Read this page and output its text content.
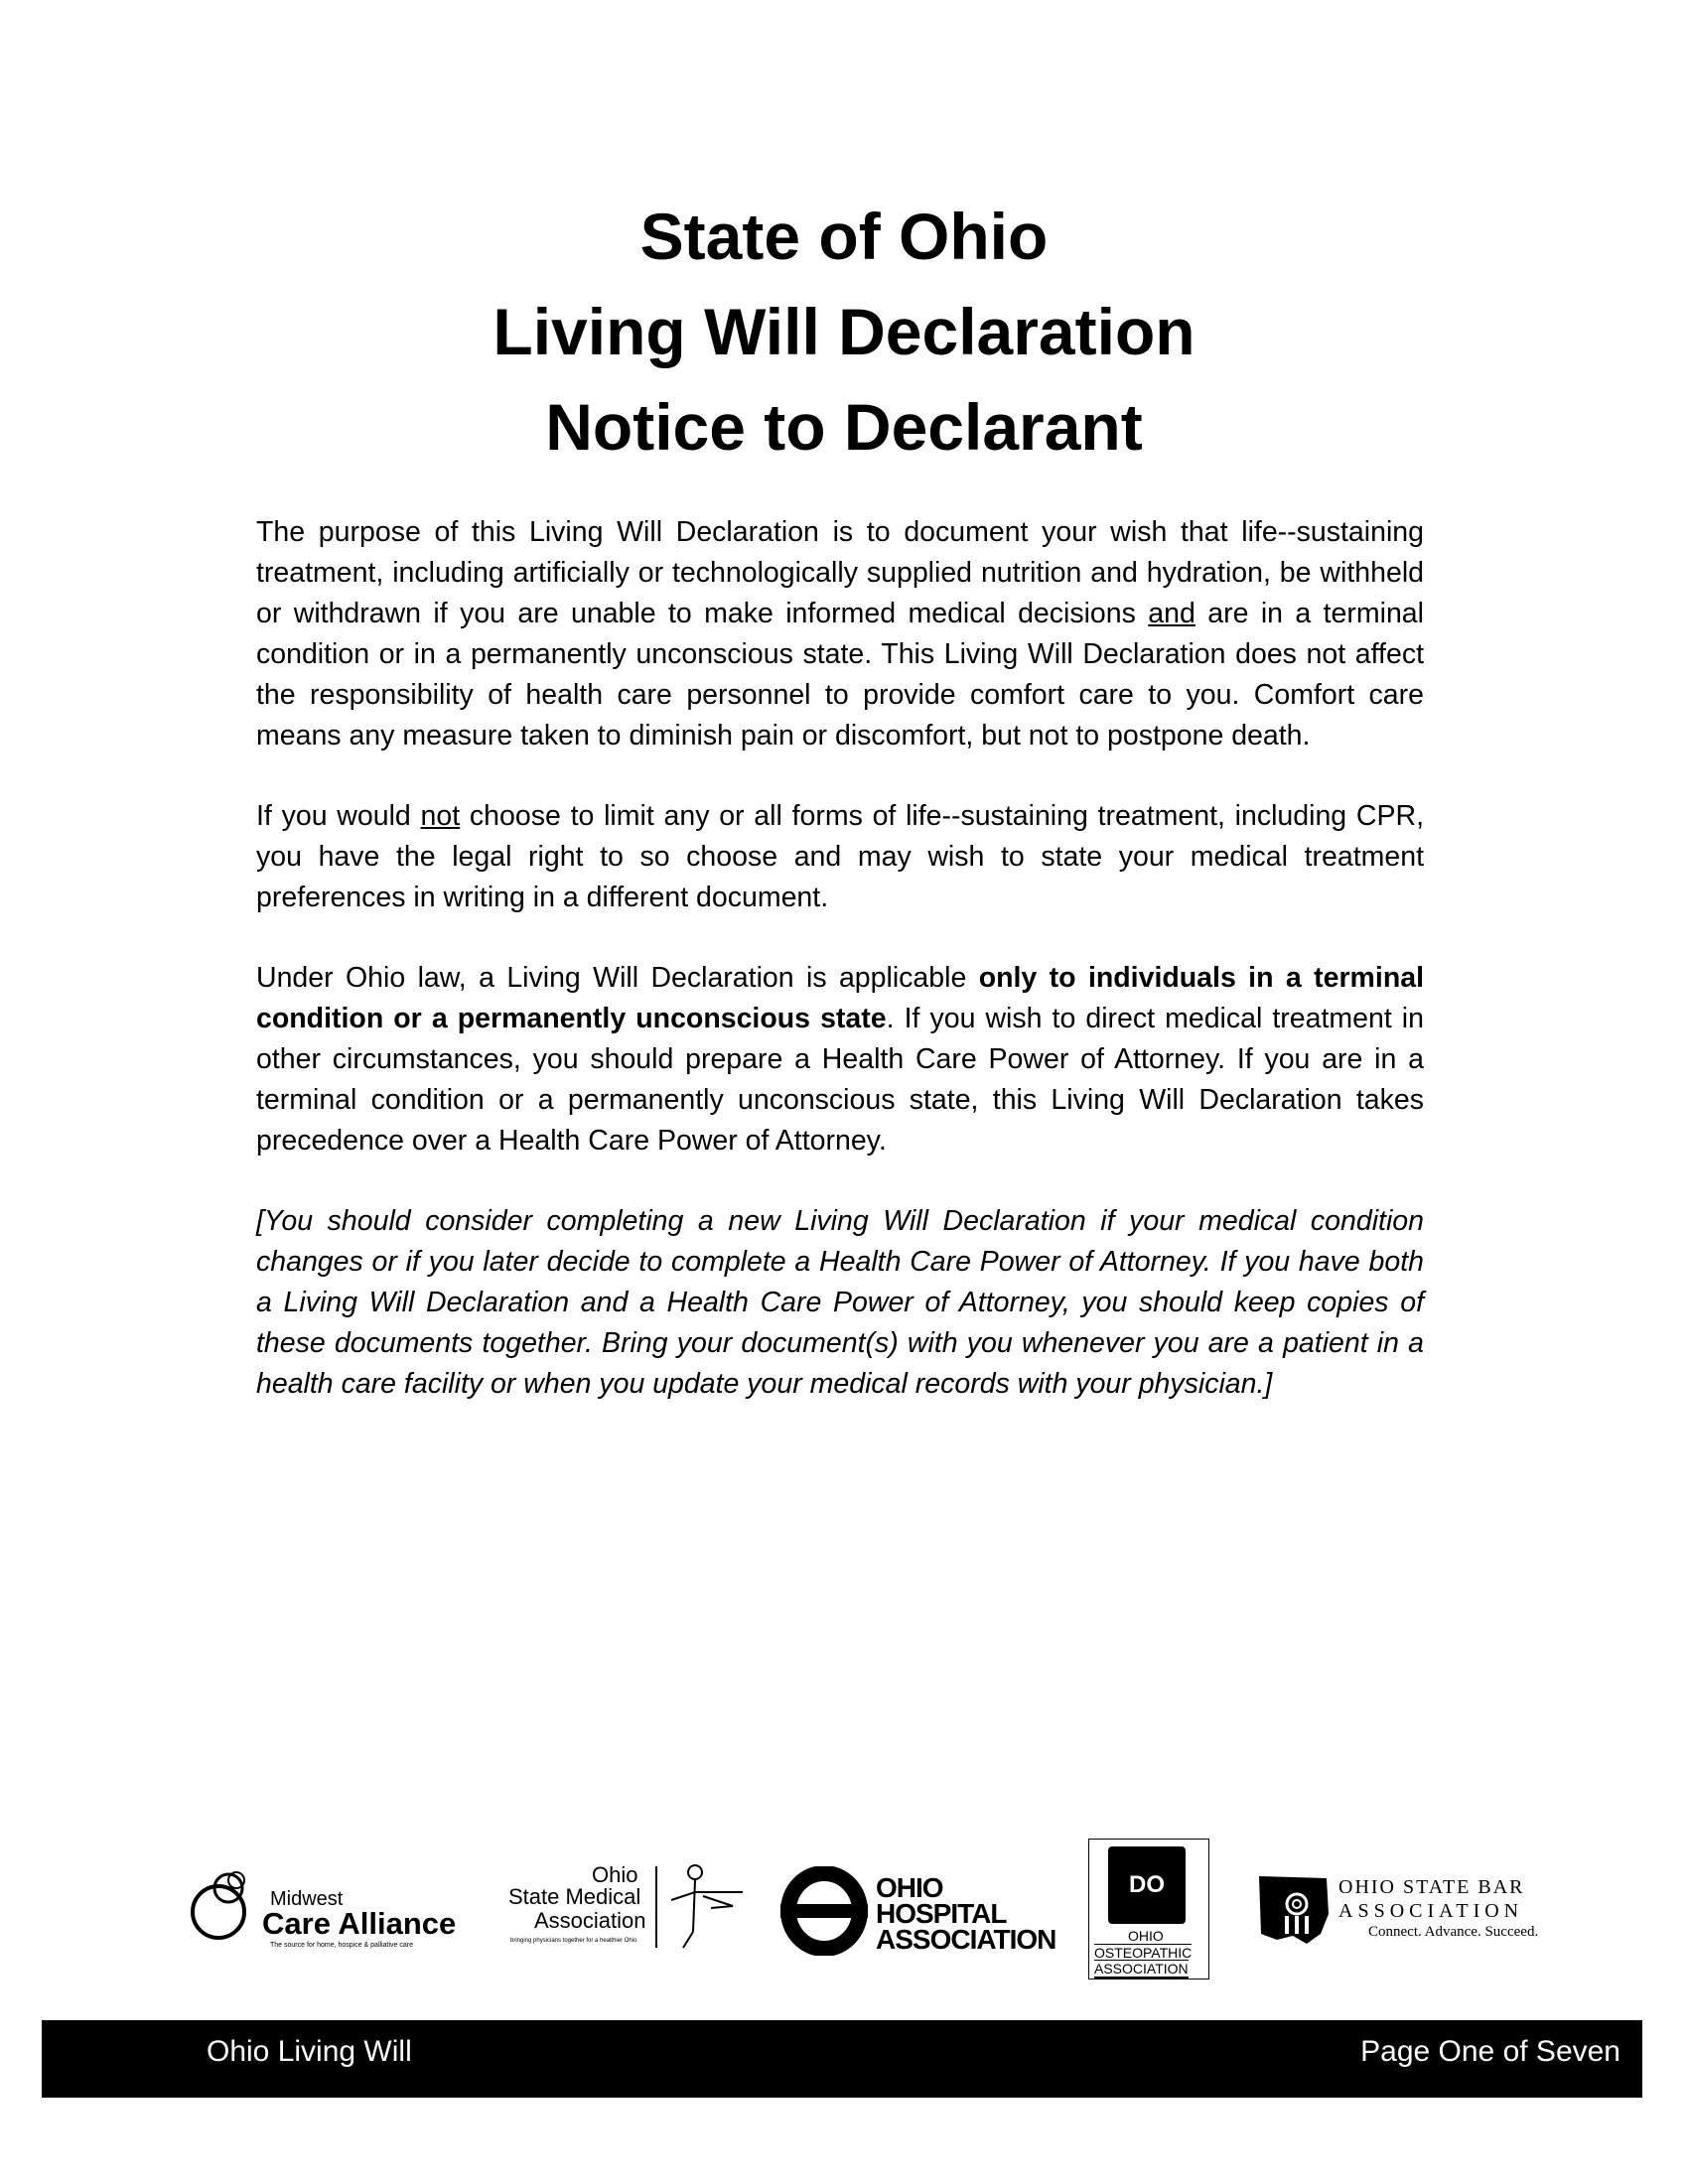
State of Ohio

Living Will Declaration

Notice to Declarant

The purpose of this Living Will Declaration is to document your wish that life-‑sustaining treatment, including artificially or technologically supplied nutrition and hydration, be withheld or withdrawn if you are unable to make informed medical decisions and are in a terminal condition or in a permanently unconscious state. This Living Will Declaration does not affect the responsibility of health care personnel to provide comfort care to you. Comfort care means any measure taken to diminish pain or discomfort, but not to postpone death.

If you would not choose to limit any or all forms of life-‑sustaining treatment, including CPR, you have the legal right to so choose and may wish to state your medical treatment preferences in writing in a different document.

Under Ohio law, a Living Will Declaration is applicable only to individuals in a terminal condition or a permanently unconscious state. If you wish to direct medical treatment in other circumstances, you should prepare a Health Care Power of Attorney. If you are in a terminal condition or a permanently unconscious state, this Living Will Declaration takes precedence over a Health Care Power of Attorney.

[You should consider completing a new Living Will Declaration if your medical condition changes or if you later decide to complete a Health Care Power of Attorney. If you have both a Living Will Declaration and a Health Care Power of Attorney, you should keep copies of these documents together. Bring your document(s) with you whenever you are a patient in a health care facility or when you update your medical records with your physician.]

Midwest
Care Alliance
The source for home, hospice & palliative care
Ohio
State Medical
Association
bringing physicians together for a healthier Ohio
OHIO
HOSPITAL
ASSOCIATION
DO
OHIO
OSTEOPATHIC
ASSOCIATION
OHIO STATE BAR
ASSOCIATION
Connect. Advance. Succeed.
Ohio Living Will	Page One of Seven
